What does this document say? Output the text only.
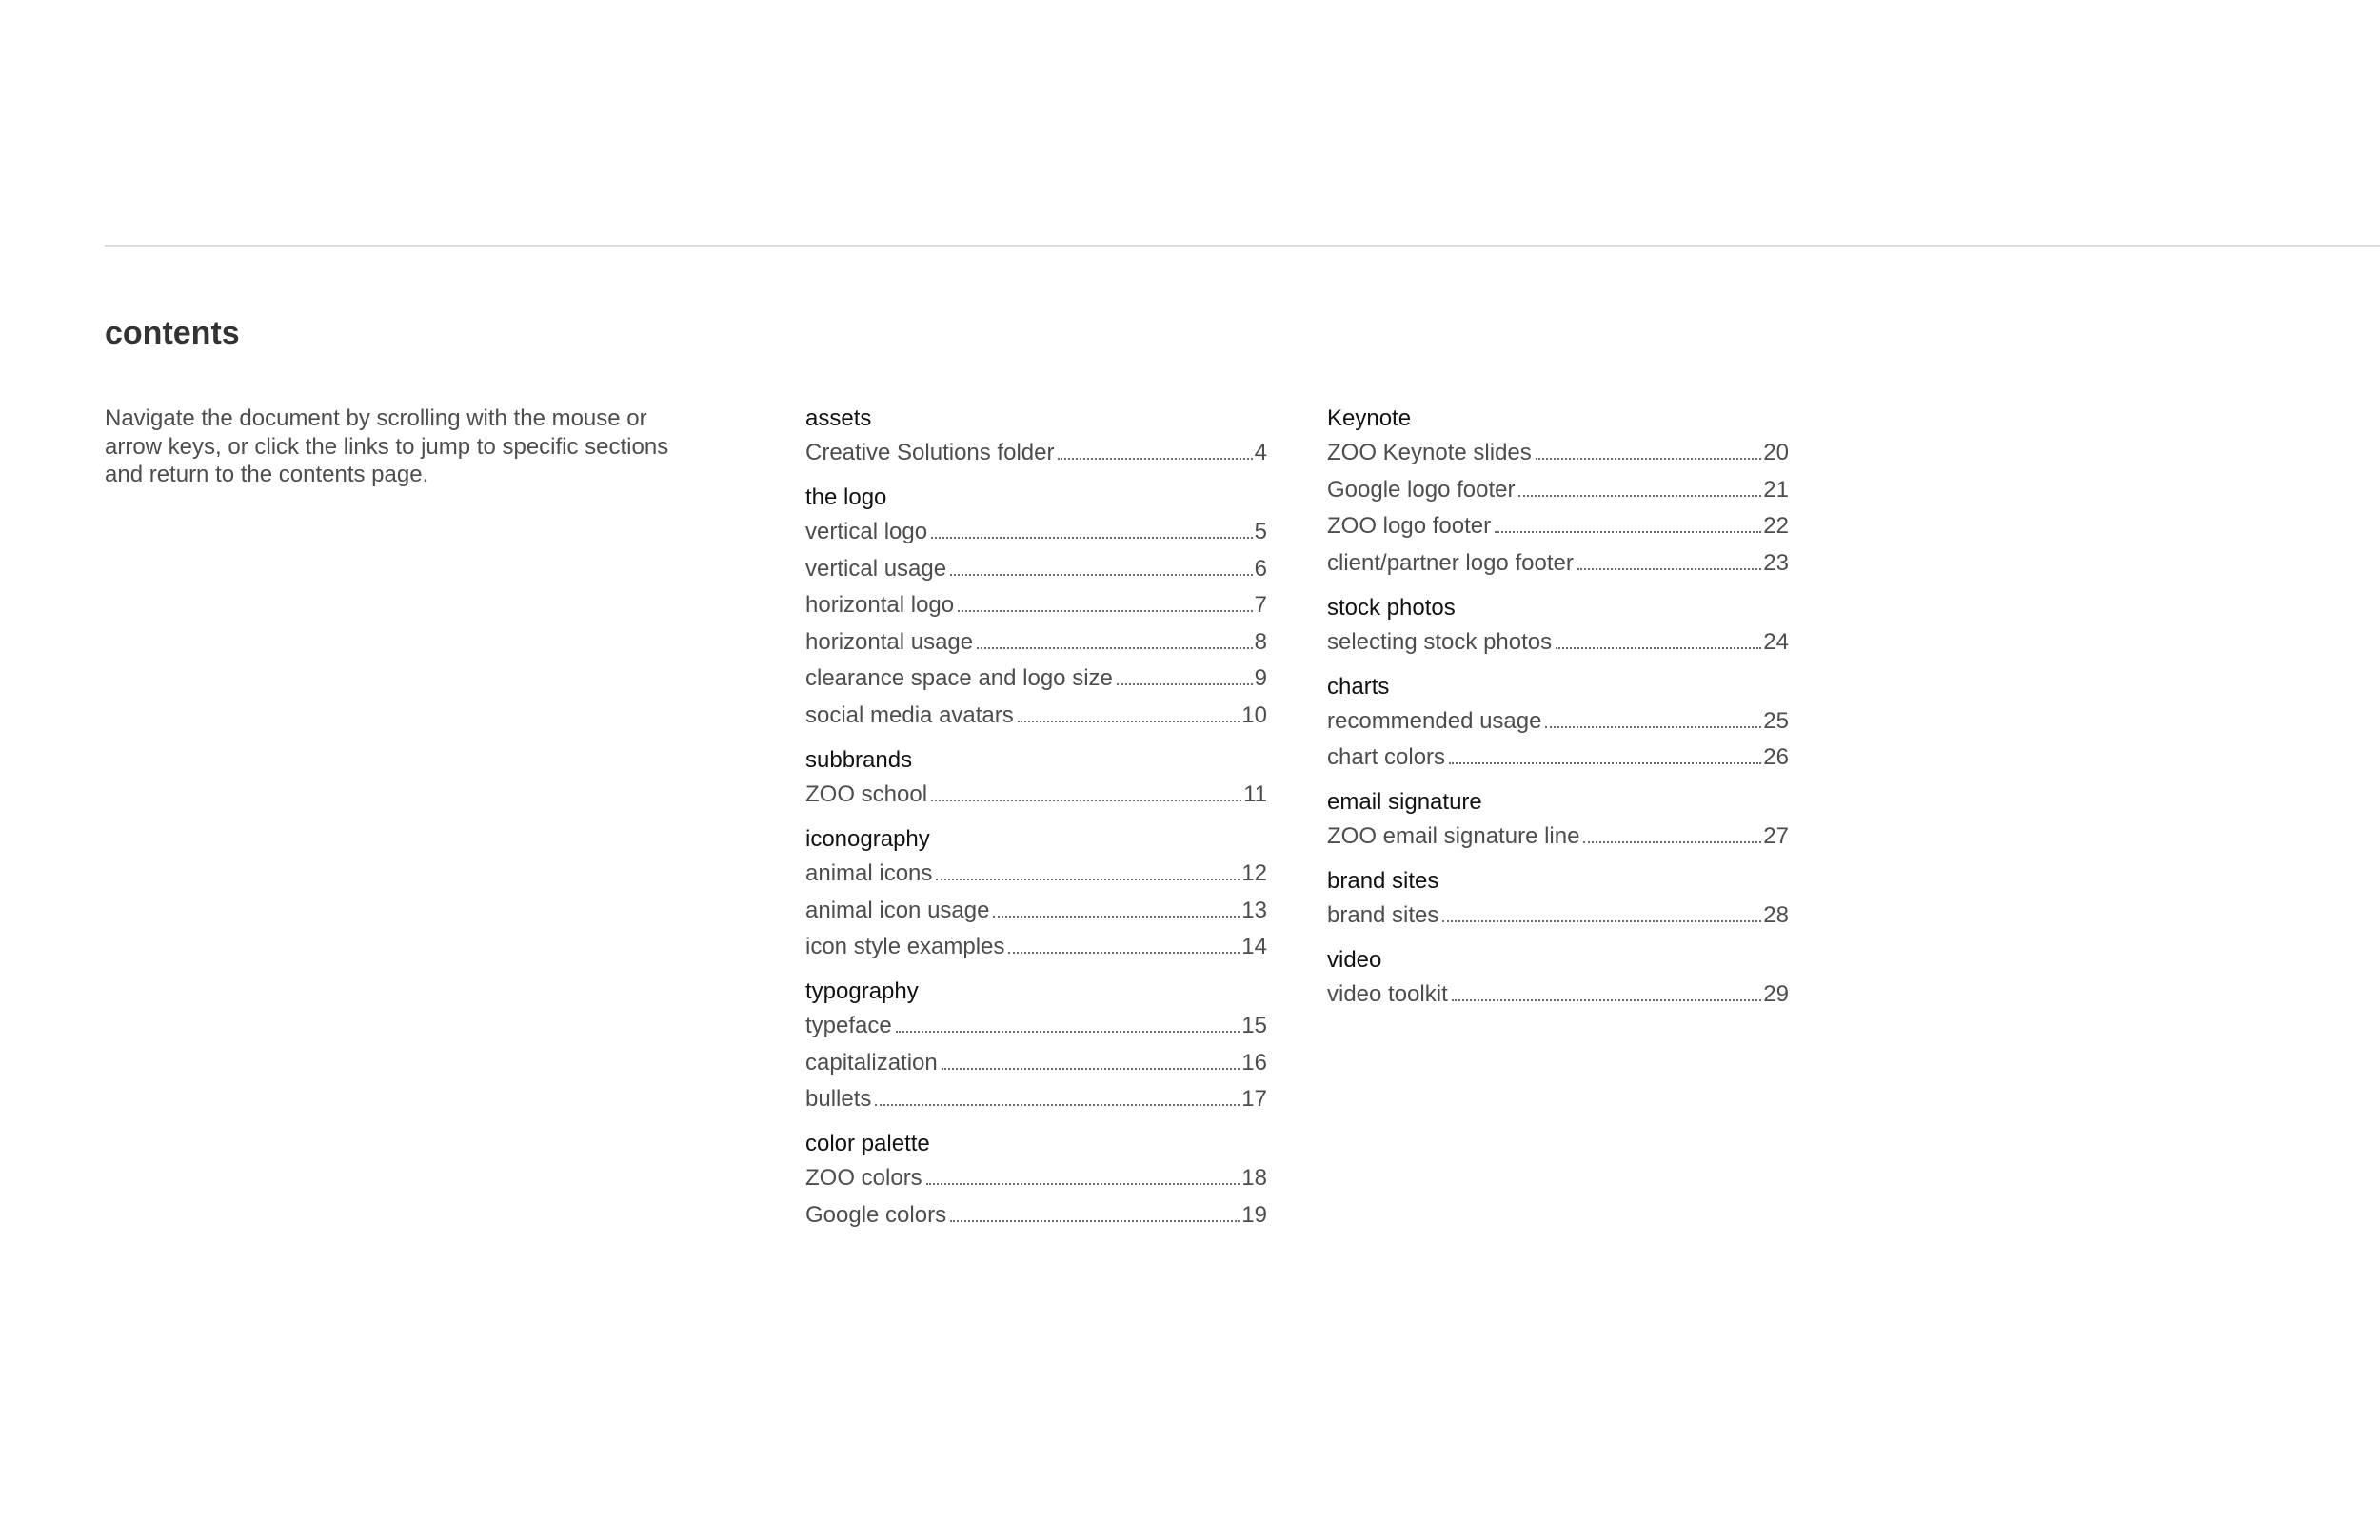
contents

Navigate the document by scrolling with the mouse or arrow keys, or click the links to jump to specific sections and return to the contents page.

assets
Creative Solutions folder	4
the logo
vertical logo	5
vertical usage	6
horizontal logo	7
horizontal usage	8
clearance space and logo size	9
social media avatars	10
subbrands
ZOO school	11
iconography
animal icons	12
animal icon usage	13
icon style examples	14
typography
typeface	15
capitalization	16
bullets	17
color palette
ZOO colors	18
Google colors	19
Keynote
ZOO Keynote slides	20
Google logo footer	21
ZOO logo footer	22
client/partner logo footer	23
stock photos
selecting stock photos	24
charts
recommended usage	25
chart colors	26
email signature
ZOO email signature line	27
brand sites
brand sites	28
video
video toolkit	29
